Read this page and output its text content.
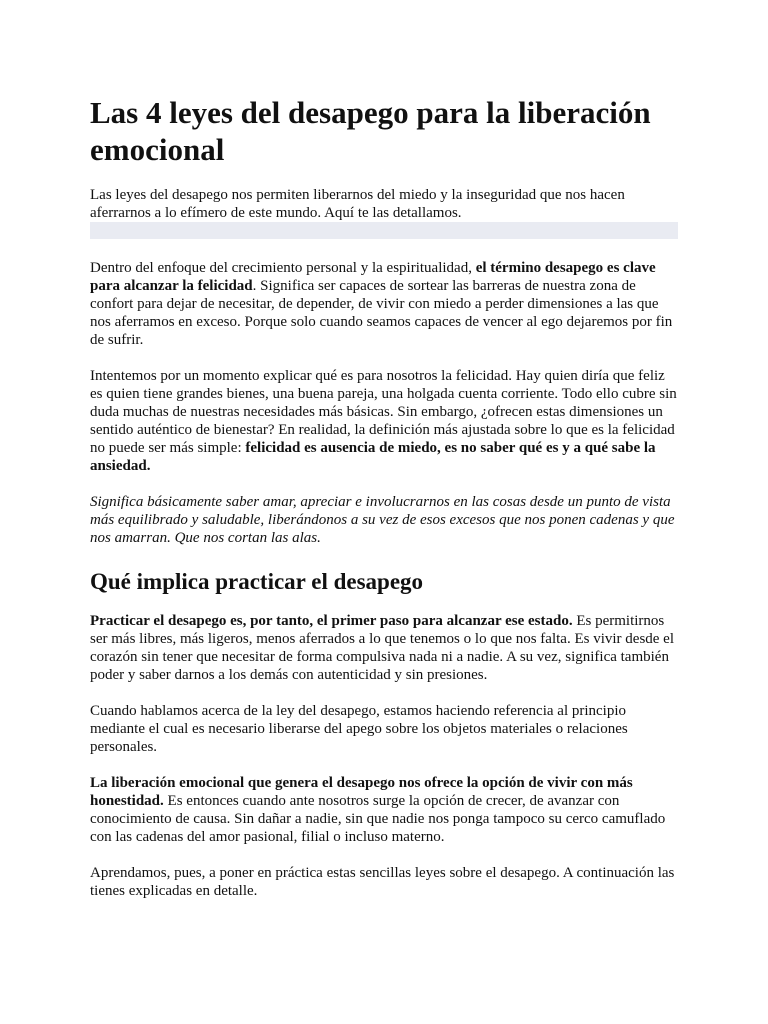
Las 4 leyes del desapego para la liberación emocional

Las leyes del desapego nos permiten liberarnos del miedo y la inseguridad que nos hacen aferrarnos a lo efímero de este mundo. Aquí te las detallamos.

Dentro del enfoque del crecimiento personal y la espiritualidad, el término desapego es clave para alcanzar la felicidad. Significa ser capaces de sortear las barreras de nuestra zona de confort para dejar de necesitar, de depender, de vivir con miedo a perder dimensiones a las que nos aferramos en exceso. Porque solo cuando seamos capaces de vencer al ego dejaremos por fin de sufrir.

Intentemos por un momento explicar qué es para nosotros la felicidad. Hay quien diría que feliz es quien tiene grandes bienes, una buena pareja, una holgada cuenta corriente. Todo ello cubre sin duda muchas de nuestras necesidades más básicas. Sin embargo, ¿ofrecen estas dimensiones un sentido auténtico de bienestar? En realidad, la definición más ajustada sobre lo que es la felicidad no puede ser más simple: felicidad es ausencia de miedo, es no saber qué es y a qué sabe la ansiedad.

Significa básicamente saber amar, apreciar e involucrarnos en las cosas desde un punto de vista más equilibrado y saludable, liberándonos a su vez de esos excesos que nos ponen cadenas y que nos amarran. Que nos cortan las alas.

Qué implica practicar el desapego

Practicar el desapego es, por tanto, el primer paso para alcanzar ese estado. Es permitirnos ser más libres, más ligeros, menos aferrados a lo que tenemos o lo que nos falta. Es vivir desde el corazón sin tener que necesitar de forma compulsiva nada ni a nadie. A su vez, significa también poder y saber darnos a los demás con autenticidad y sin presiones.

Cuando hablamos acerca de la ley del desapego, estamos haciendo referencia al principio mediante el cual es necesario liberarse del apego sobre los objetos materiales o relaciones personales.

La liberación emocional que genera el desapego nos ofrece la opción de vivir con más honestidad. Es entonces cuando ante nosotros surge la opción de crecer, de avanzar con conocimiento de causa. Sin dañar a nadie, sin que nadie nos ponga tampoco su cerco camuflado con las cadenas del amor pasional, filial o incluso materno.

Aprendamos, pues, a poner en práctica estas sencillas leyes sobre el desapego. A continuación las tienes explicadas en detalle.
